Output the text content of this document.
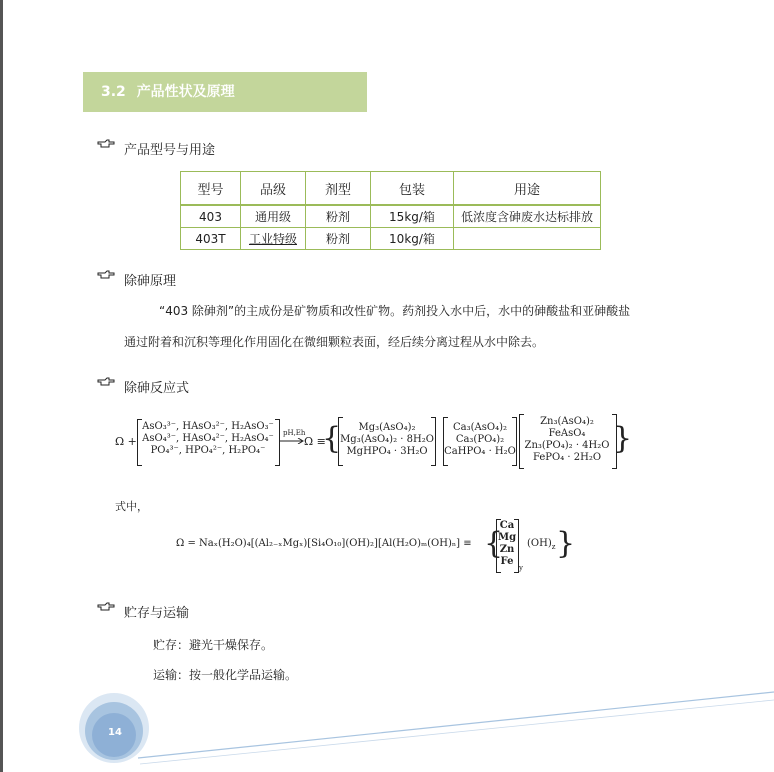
3.2 产品性状及原理
产品型号与用途
型号	品级	剂型	包装	用途
403	通用级	粉剂	15kg/箱	低浓度含砷废水达标排放
403T	工业特级	粉剂	10kg/箱	
除砷原理
“403 除砷剂”的主成份是矿物质和改性矿物。药剂投入水中后，水中的砷酸盐和亚砷酸盐
通过附着和沉积等理化作用固化在微细颗粒表面，经后续分离过程从水中除去。
除砷反应式
Ω +
AsO₃³⁻, HAsO₃²⁻, H₂AsO₃⁻
AsO₄³⁻, HAsO₄²⁻, H₂AsO₄⁻
PO₄³⁻, HPO₄²⁻, H₂PO₄⁻
pH,Eh
→ Ω ≡
{	Mg₃(AsO₄)₂
Mg₃(AsO₄)₂ · 8H₂O
MgHPO₄ · 3H₂O
Ca₃(AsO₄)₂
Ca₃(PO₄)₂
CaHPO₄ · H₂O
Zn₃(AsO₄)₂
FeAsO₄
Zn₃(PO₄)₂ · 4H₂O
FePO₄ · 2H₂O
}
式中，
Ω = Naₓ(H₂O)₄[(Al₂₋ₓMgₓ)[Si₄O₁₀](OH)₂][Al(H₂O)ₘ(OH)ₙ] ≡ {
Ca
Mg
Zn
Fe
y
$(OH)_z$ }
贮存与运输
贮存：避光干燥保存。
运输：按一般化学品运输。
14
